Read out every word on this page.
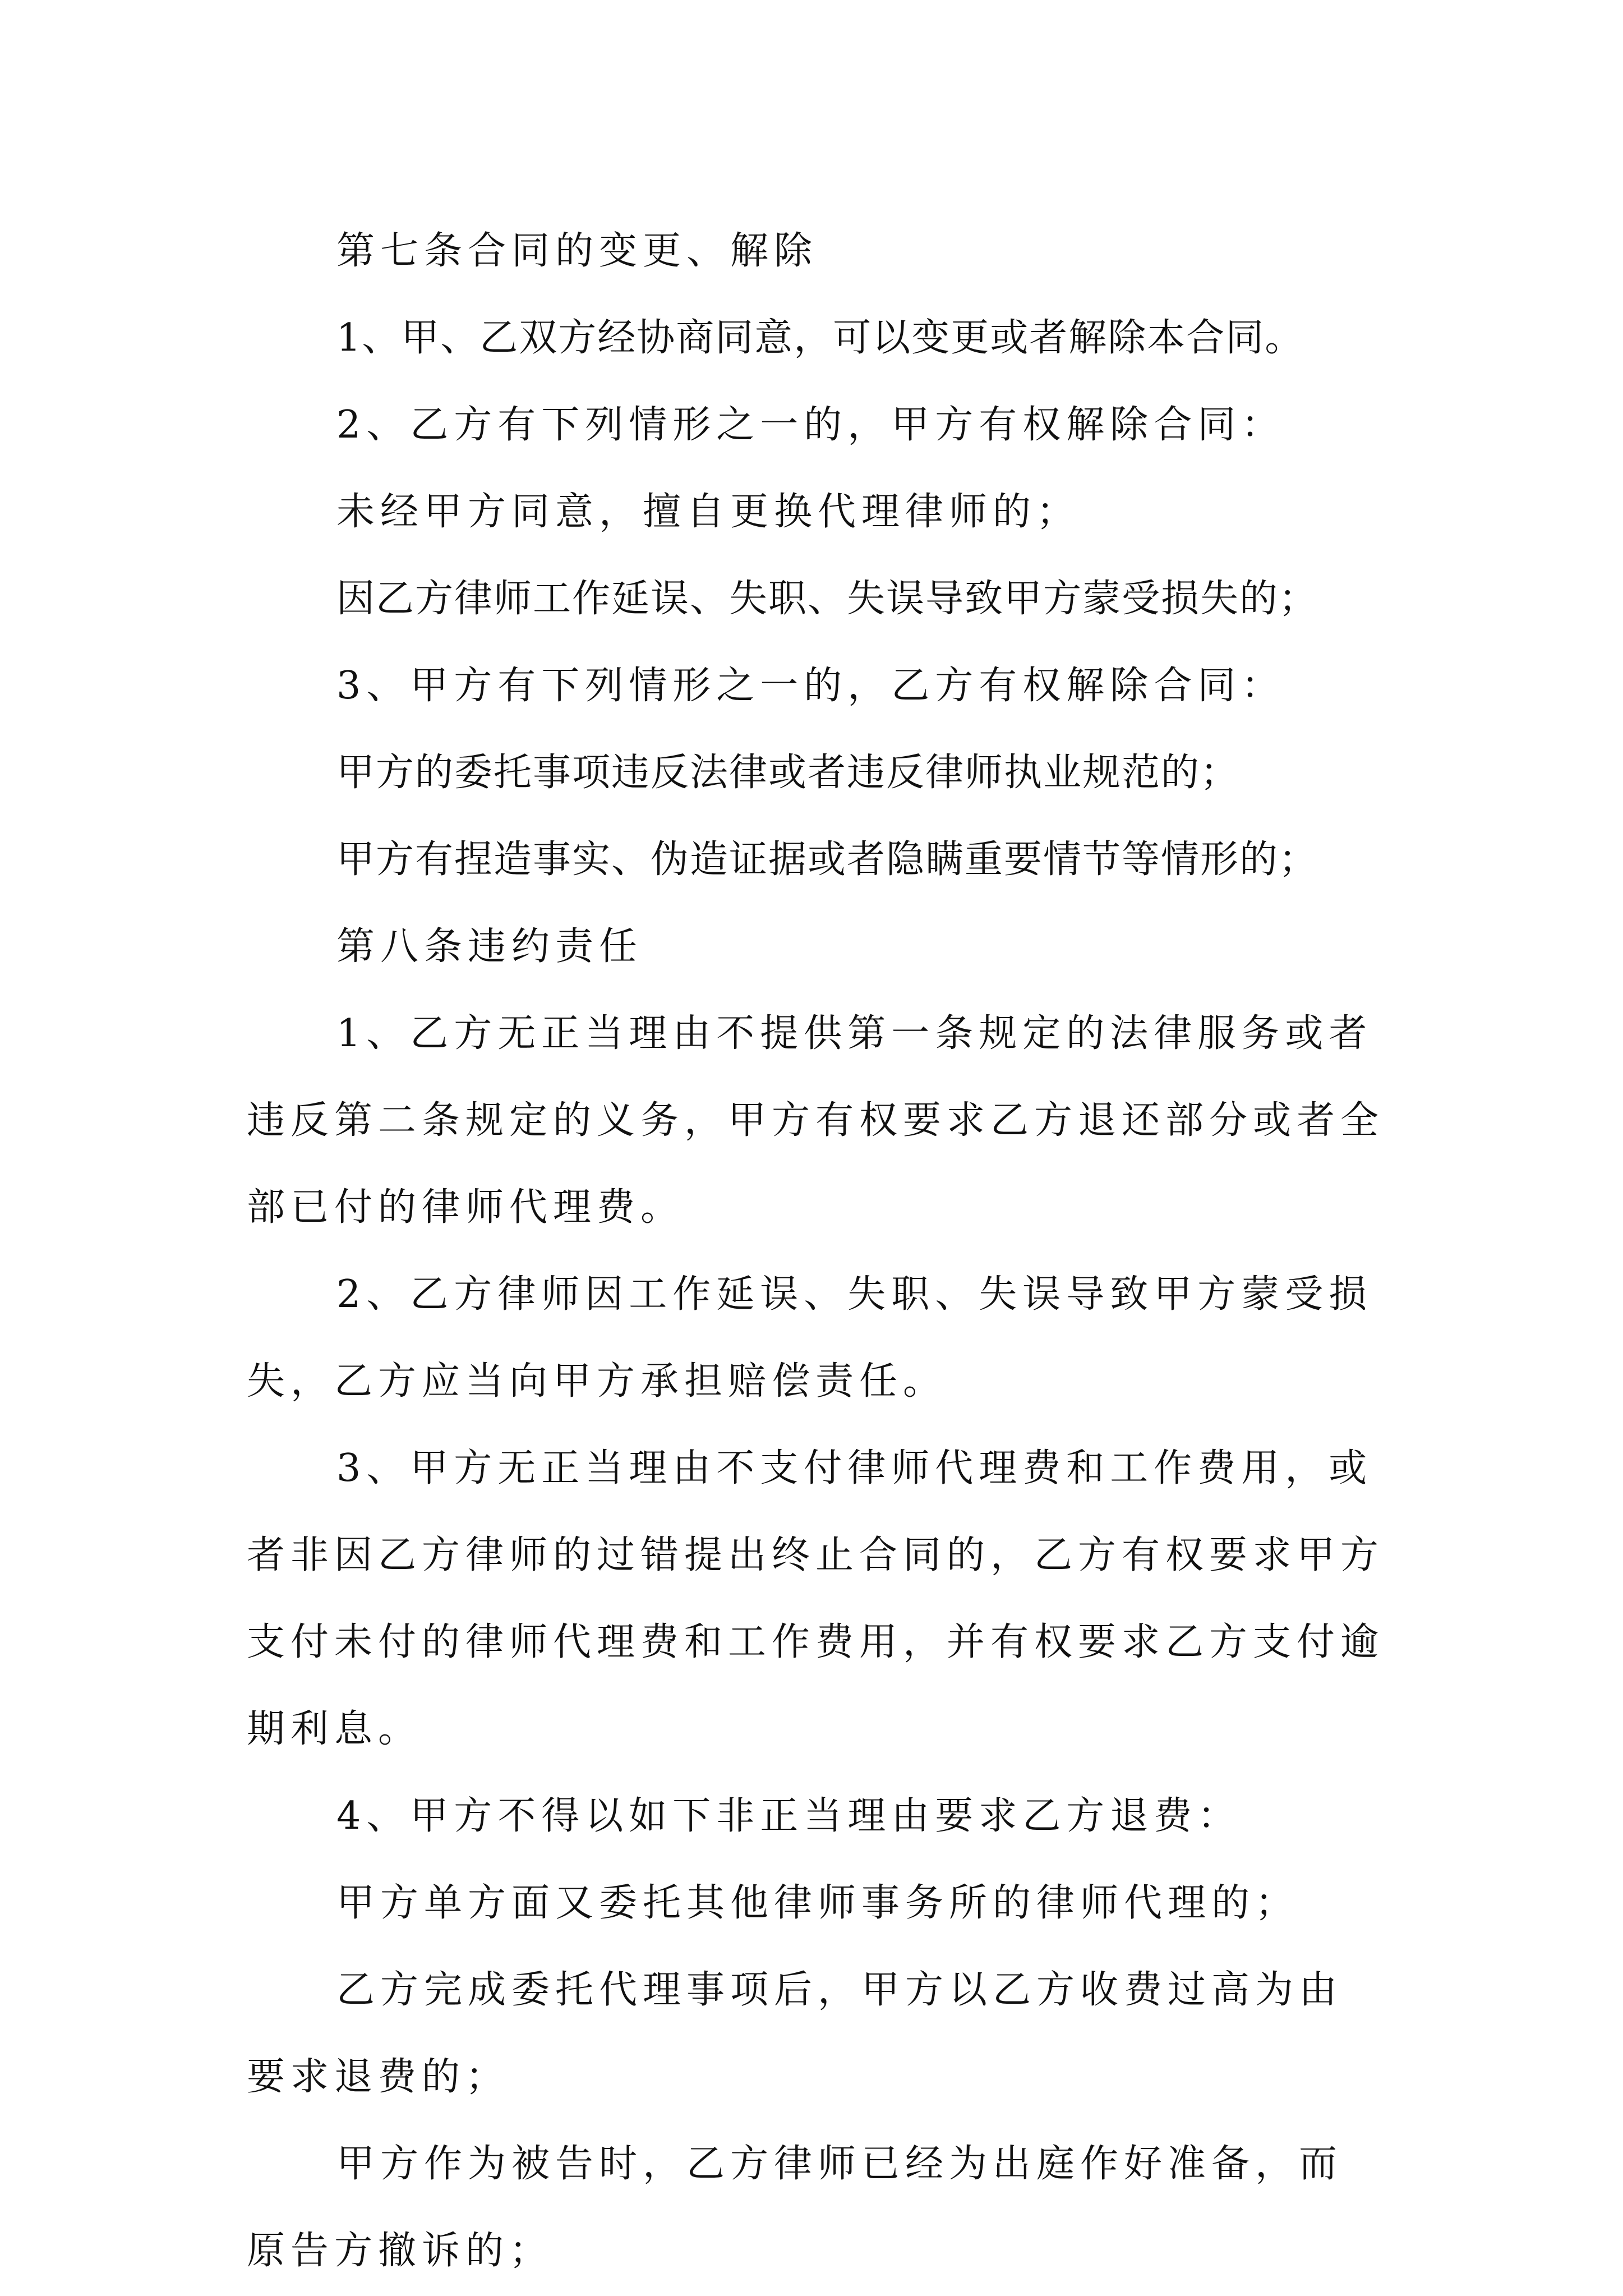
第七条合同的变更、解除

1、甲、乙双方经协商同意，可以变更或者解除本合同。

2、乙方有下列情形之一的，甲方有权解除合同：

未经甲方同意，擅自更换代理律师的；

因乙方律师工作延误、失职、失误导致甲方蒙受损失的；

3、甲方有下列情形之一的，乙方有权解除合同：

甲方的委托事项违反法律或者违反律师执业规范的；

甲方有捏造事实、伪造证据或者隐瞒重要情节等情形的；

第八条违约责任

1、乙方无正当理由不提供第一条规定的法律服务或者违反第二条规定的义务，甲方有权要求乙方退还部分或者全部已付的律师代理费。

2、乙方律师因工作延误、失职、失误导致甲方蒙受损失，乙方应当向甲方承担赔偿责任。

3、甲方无正当理由不支付律师代理费和工作费用，或者非因乙方律师的过错提出终止合同的，乙方有权要求甲方支付未付的律师代理费和工作费用，并有权要求乙方支付逾期利息。

4、甲方不得以如下非正当理由要求乙方退费：

甲方单方面又委托其他律师事务所的律师代理的；

乙方完成委托代理事项后，甲方以乙方收费过高为由要求退费的；

甲方作为被告时，乙方律师已经为出庭作好准备，而原告方撤诉的；
